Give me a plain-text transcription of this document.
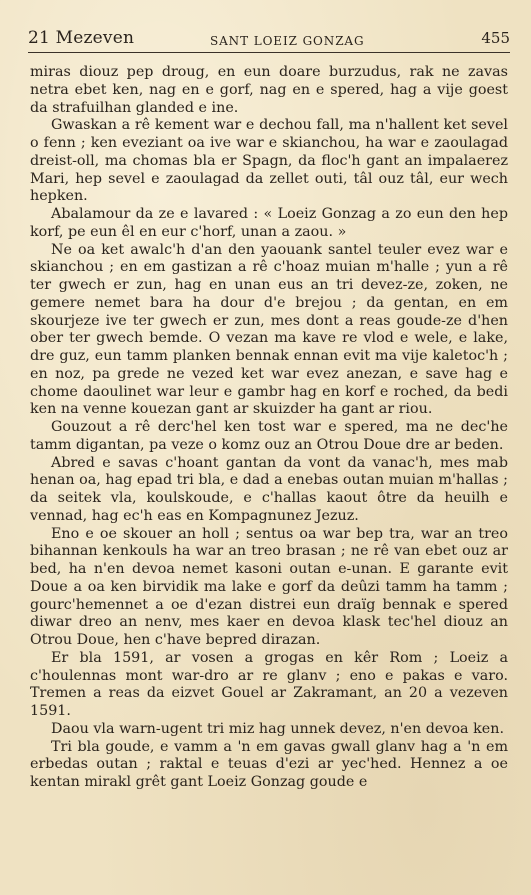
21 Mezeven	SANT LOEIZ GONZAG	455

miras diouz pep droug, en eun doare burzudus, rak ne zavas netra ebet ken, nag en e gorf, nag en e spered, hag a vije goest da strafuilhan glanded e ine.

Gwaskan a rê kement war e dechou fall, ma n'hallent ket sevel o fenn ; ken eveziant oa ive war e skianchou, ha war e zaoulagad dreist-oll, ma chomas bla er Spagn, da floc'h gant an impalaerez Mari, hep sevel e zaoulagad da zellet outi, tâl ouz tâl, eur wech hepken.

Abalamour da ze e lavared : « Loeiz Gonzag a zo eun den hep korf, pe eun êl en eur c'horf, unan a zaou. »

Ne oa ket awalc'h d'an den yaouank santel teuler evez war e skianchou ; en em gastizan a rê c'hoaz muian m'halle ; yun a rê ter gwech er zun, hag en unan eus an tri devez-ze, zoken, ne gemere nemet bara ha dour d'e brejou ; da gentan, en em skourjeze ive ter gwech er zun, mes dont a reas goude-ze d'hen ober ter gwech bemde. O vezan ma kave re vlod e wele, e lake, dre guz, eun tamm planken bennak ennan evit ma vije kaletoc'h ; en noz, pa grede ne vezed ket war evez anezan, e save hag e chome daoulinet war leur e gambr hag en korf e roched, da bedi ken na venne kouezan gant ar skuizder ha gant ar riou.

Gouzout a rê derc'hel ken tost war e spered, ma ne dec'he tamm digantan, pa veze o komz ouz an Otrou Doue dre ar beden.

Abred e savas c'hoant gantan da vont da vanac'h, mes mab henan oa, hag epad tri bla, e dad a enebas outan muian m'hallas ; da seitek vla, koulskoude, e c'hallas kaout ôtre da heuilh e vennad, hag ec'h eas en Kompagnunez Jezuz.

Eno e oe skouer an holl ; sentus oa war bep tra, war an treo bihannan kenkouls ha war an treo brasan ; ne rê van ebet ouz ar bed, ha n'en devoa nemet kasoni outan e-unan. E garante evit Doue a oa ken birvidik ma lake e gorf da deûzi tamm ha tamm ; gourc'hemennet a oe d'ezan distrei eun draïg bennak e spered diwar dreo an nenv, mes kaer en devoa klask tec'hel diouz an Otrou Doue, hen c'have bepred dirazan.

Er bla 1591, ar vosen a grogas en kêr Rom ; Loeiz a c'houlennas mont war-dro ar re glanv ; eno e pakas e varo. Tremen a reas da eizvet Gouel ar Zakramant, an 20 a vezeven 1591.

Daou vla warn-ugent tri miz hag unnek devez, n'en devoa ken.

Tri bla goude, e vamm a 'n em gavas gwall glanv hag a 'n em erbedas outan ; raktal e teuas d'ezi ar yec'hed. Hennez a oe kentan mirakl grêt gant Loeiz Gonzag goude e
